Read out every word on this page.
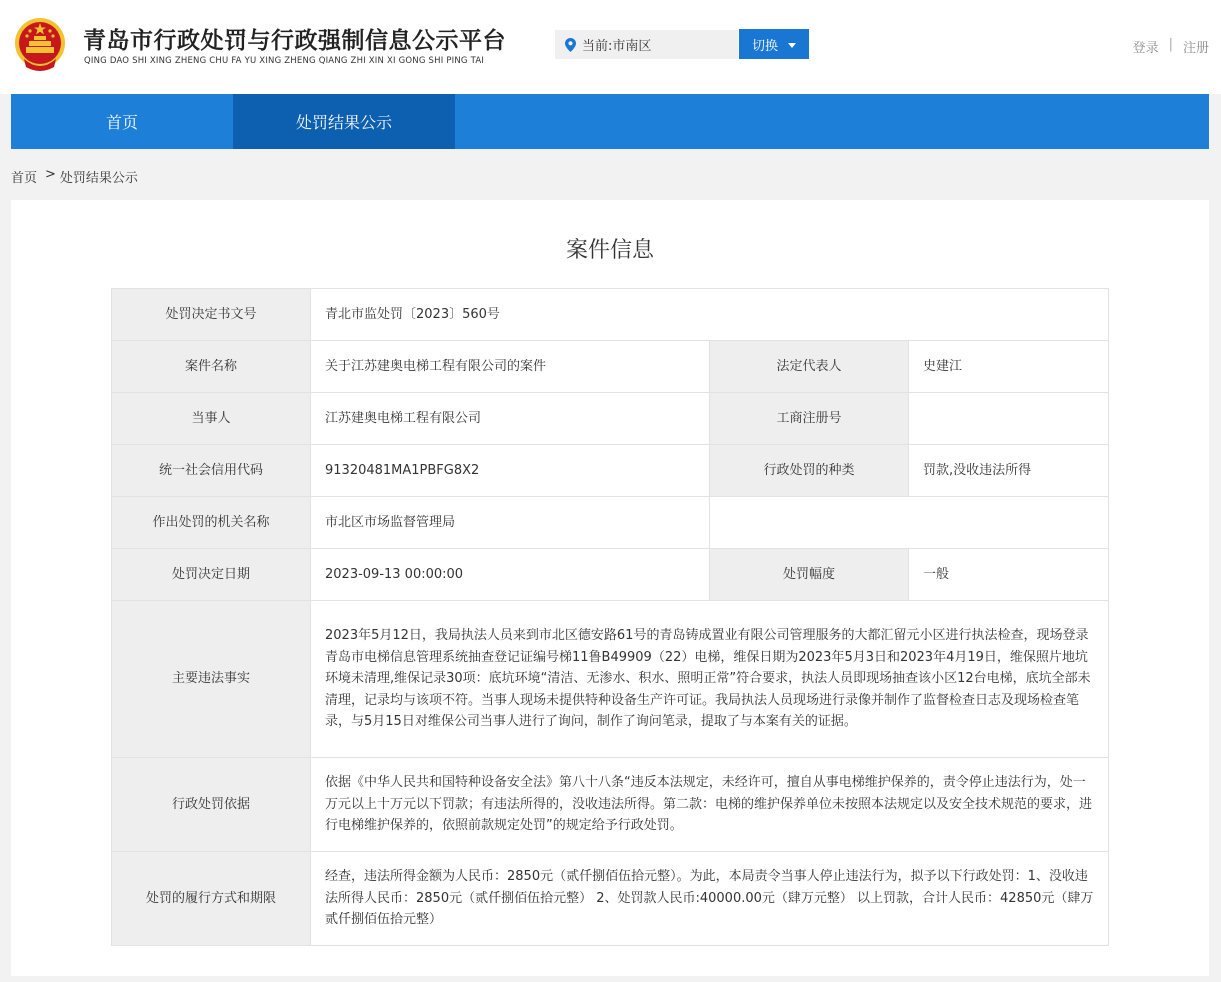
青岛市行政处罚与行政强制信息公示平台
QING DAO SHI XING ZHENG CHU FA YU XING ZHENG QIANG ZHI XIN XI GONG SHI PING TAI
当前:市南区	切换	登录 | 注册
首页	处罚结果公示
首页 > 处罚结果公示
案件信息
处罚决定书文号	青北市监处罚〔2023〕560号		
案件名称	关于江苏建奥电梯工程有限公司的案件	法定代表人	史建江
当事人	江苏建奥电梯工程有限公司	工商注册号	
统一社会信用代码	91320481MA1PBFG8X2	行政处罚的种类	罚款,没收违法所得
作出处罚的机关名称	市北区市场监督管理局		
处罚决定日期	2023-09-13 00:00:00	处罚幅度	一般
主要违法事实	2023年5月12日，我局执法人员来到市北区德安路61号的青岛铸成置业有限公司管理服务的大都汇留元小区进行执法检查，现场登录青岛市电梯信息管理系统抽查登记证编号梯11鲁B49909（22）电梯，维保日期为2023年5月3日和2023年4月19日，维保照片地坑环境未清理,维保记录30项：底坑环境“清洁、无渗水、积水、照明正常”符合要求，执法人员即现场抽查该小区12台电梯，底坑全部未清理，记录均与该项不符。当事人现场未提供特种设备生产许可证。我局执法人员现场进行录像并制作了监督检查日志及现场检查笔录，与5月15日对维保公司当事人进行了询问，制作了询问笔录，提取了与本案有关的证据。		
行政处罚依据	依据《中华人民共和国特种设备安全法》第八十八条“违反本法规定，未经许可，擅自从事电梯维护保养的，责令停止违法行为，处一万元以上十万元以下罚款；有违法所得的，没收违法所得。第二款：电梯的维护保养单位未按照本法规定以及安全技术规范的要求，进行电梯维护保养的，依照前款规定处罚”的规定给予行政处罚。		
处罚的履行方式和期限	经查，违法所得金额为人民币：2850元（贰仟捌佰伍拾元整）。为此，本局责令当事人停止违法行为，拟予以下行政处罚：1、没收违法所得人民币：2850元（贰仟捌佰伍拾元整） 2、处罚款人民币:40000.00元（肆万元整） 以上罚款，合计人民币：42850元（肆万贰仟捌佰伍拾元整）		
